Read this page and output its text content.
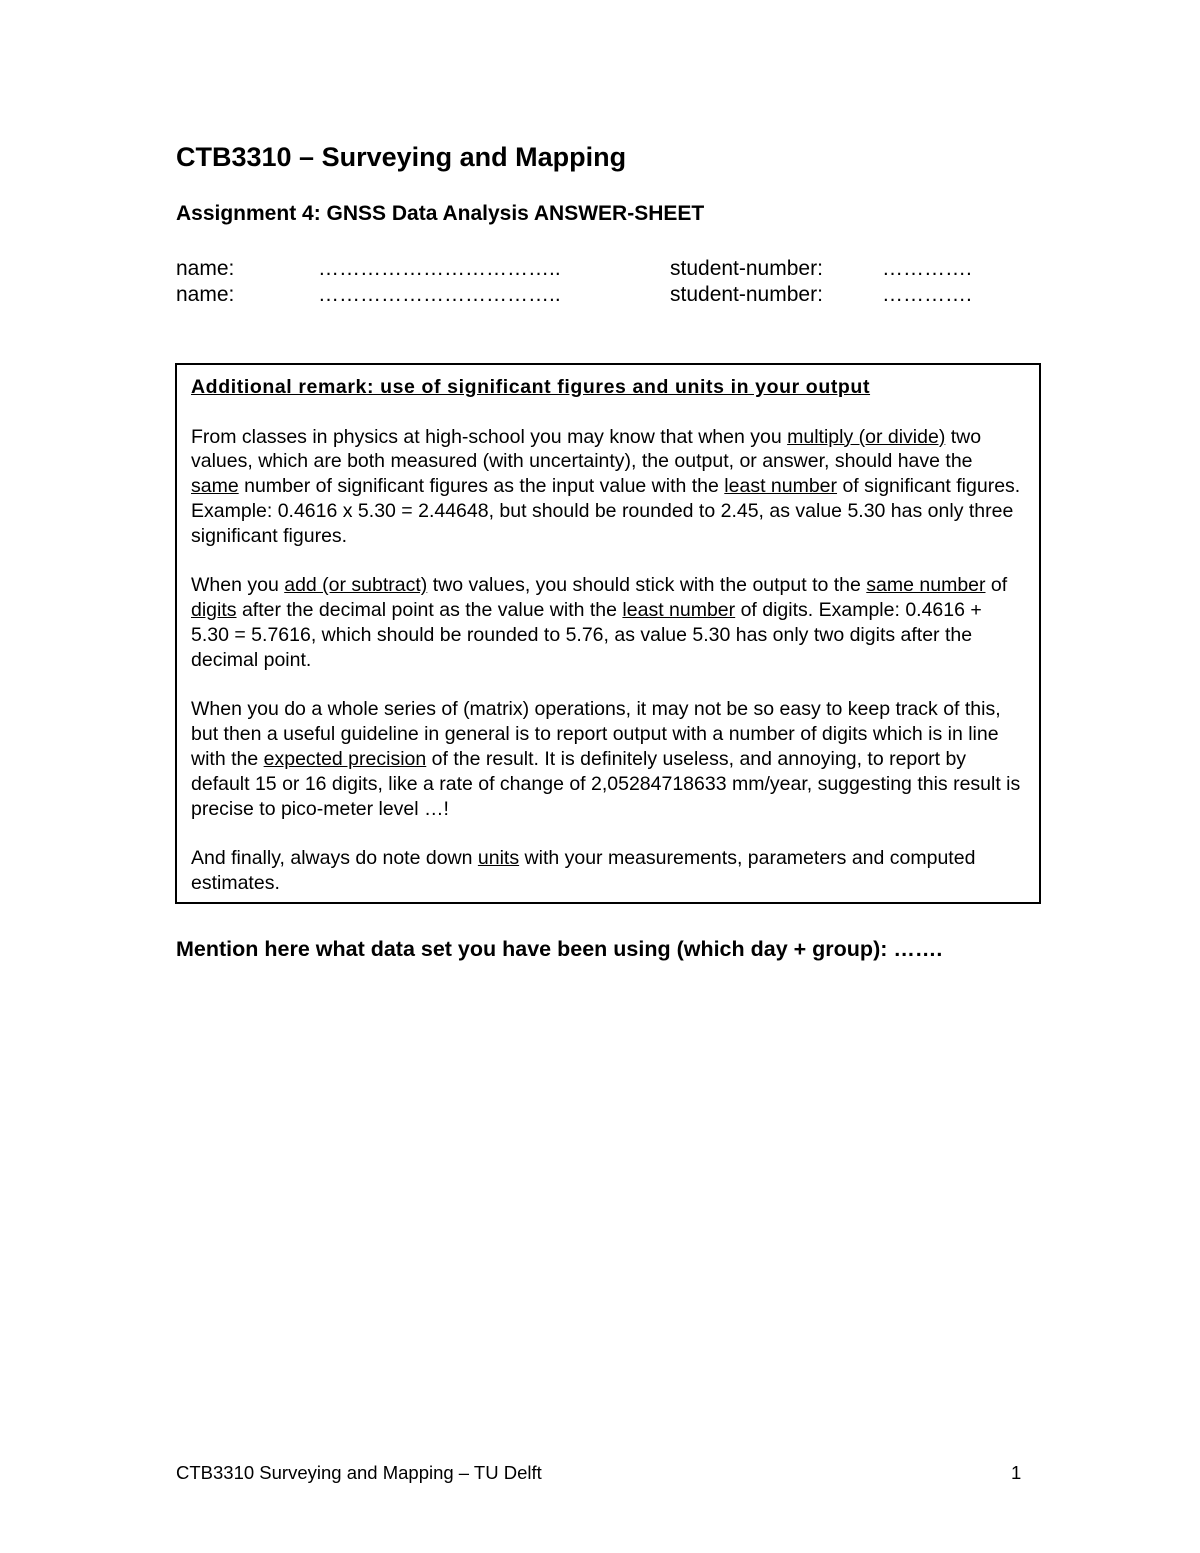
CTB3310 – Surveying and Mapping
Assignment 4: GNSS Data Analysis ANSWER-SHEET
name:	……………………………..	student-number:	………….
name:	……………………………..	student-number:	………….
Additional remark: use of significant figures and units in your output

From classes in physics at high-school you may know that when you multiply (or divide) two values, which are both measured (with uncertainty), the output, or answer, should have the same number of significant figures as the input value with the least number of significant figures. Example: 0.4616 x 5.30 = 2.44648, but should be rounded to 2.45, as value 5.30 has only three significant figures.

When you add (or subtract) two values, you should stick with the output to the same number of digits after the decimal point as the value with the least number of digits. Example: 0.4616 + 5.30 = 5.7616, which should be rounded to 5.76, as value 5.30 has only two digits after the decimal point.

When you do a whole series of (matrix) operations, it may not be so easy to keep track of this, but then a useful guideline in general is to report output with a number of digits which is in line with the expected precision of the result. It is definitely useless, and annoying, to report by default 15 or 16 digits, like a rate of change of 2,05284718633 mm/year, suggesting this result is precise to pico-meter level …!

And finally, always do note down units with your measurements, parameters and computed estimates.

Mention here what data set you have been using (which day + group): …….
CTB3310 Surveying and Mapping – TU Delft	1
